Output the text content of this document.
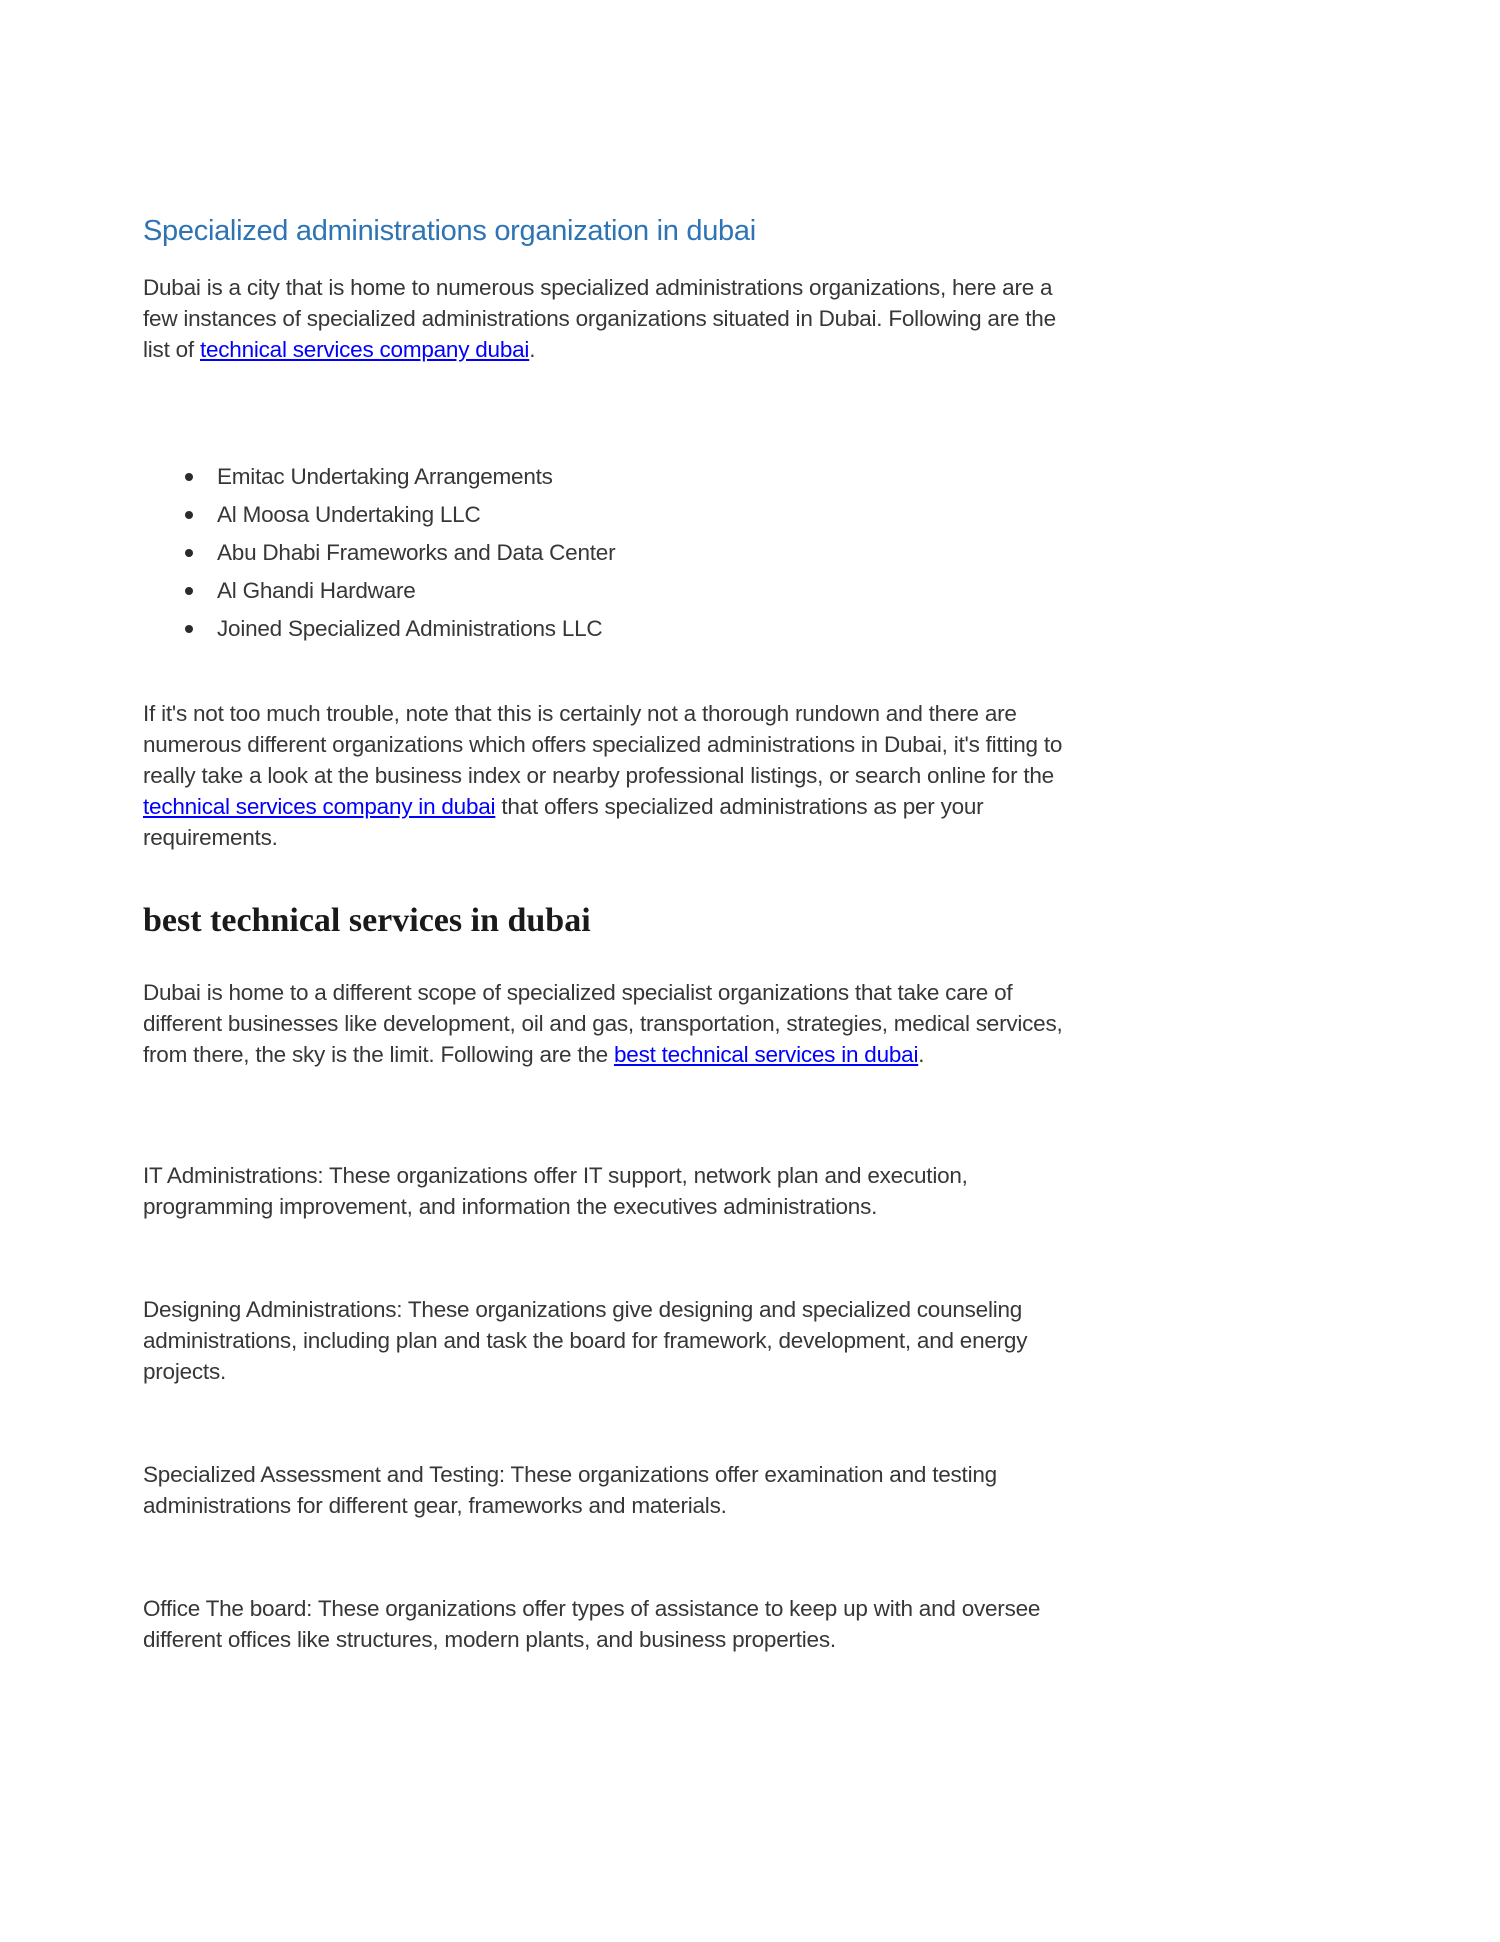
Specialized administrations organization in dubai

Dubai is a city that is home to numerous specialized administrations organizations, here are a few instances of specialized administrations organizations situated in Dubai. Following are the list of technical services company dubai.

Emitac Undertaking Arrangements
Al Moosa Undertaking LLC
Abu Dhabi Frameworks and Data Center
Al Ghandi Hardware
Joined Specialized Administrations LLC

If it's not too much trouble, note that this is certainly not a thorough rundown and there are numerous different organizations which offers specialized administrations in Dubai, it's fitting to really take a look at the business index or nearby professional listings, or search online for the technical services company in dubai that offers specialized administrations as per your requirements.

best technical services in dubai

Dubai is home to a different scope of specialized specialist organizations that take care of different businesses like development, oil and gas, transportation, strategies, medical services, from there, the sky is the limit. Following are the best technical services in dubai.

IT Administrations: These organizations offer IT support, network plan and execution, programming improvement, and information the executives administrations.

Designing Administrations: These organizations give designing and specialized counseling administrations, including plan and task the board for framework, development, and energy projects.

Specialized Assessment and Testing: These organizations offer examination and testing administrations for different gear, frameworks and materials.

Office The board: These organizations offer types of assistance to keep up with and oversee different offices like structures, modern plants, and business properties.
